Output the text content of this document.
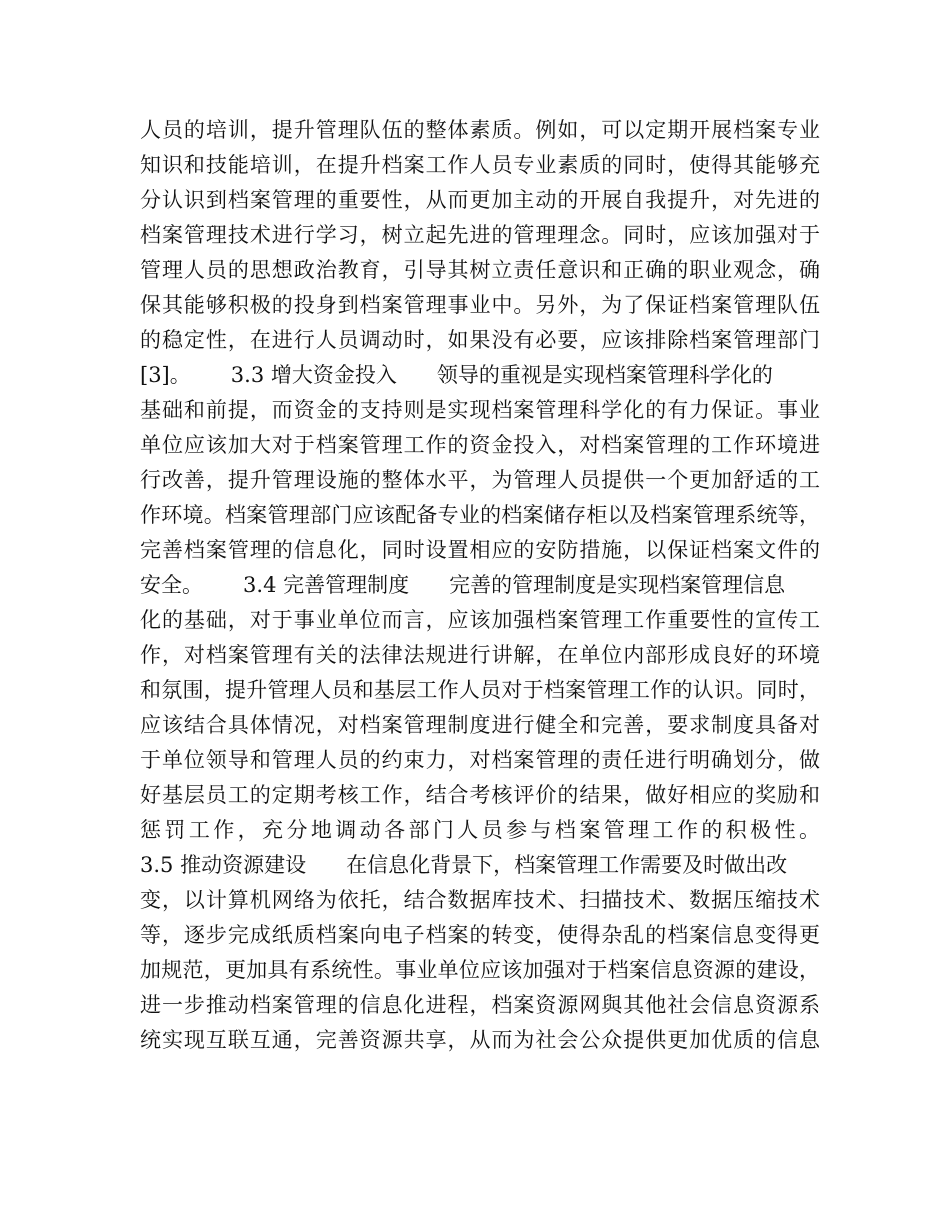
人员的培训，提升管理队伍的整体素质。例如，可以定期开展档案专业
知识和技能培训，在提升档案工作人员专业素质的同时，使得其能够充
分认识到档案管理的重要性，从而更加主动的开展自我提升，对先进的
档案管理技术进行学习，树立起先进的管理理念。同时，应该加强对于
管理人员的思想政治教育，引导其树立责任意识和正确的职业观念，确
保其能够积极的投身到档案管理事业中。另外，为了保证档案管理队伍
的稳定性，在进行人员调动时，如果没有必要，应该排除档案管理部门
[3]。      3.3 增大资金投入      领导的重视是实现档案管理科学化的
基础和前提，而资金的支持则是实现档案管理科学化的有力保证。事业
单位应该加大对于档案管理工作的资金投入，对档案管理的工作环境进
行改善，提升管理设施的整体水平，为管理人员提供一个更加舒适的工
作环境。档案管理部门应该配备专业的档案储存柜以及档案管理系统等，
完善档案管理的信息化，同时设置相应的安防措施，以保证档案文件的
安全。      3.4 完善管理制度      完善的管理制度是实现档案管理信息
化的基础，对于事业单位而言，应该加强档案管理工作重要性的宣传工
作，对档案管理有关的法律法规进行讲解，在单位内部形成良好的环境
和氛围，提升管理人员和基层工作人员对于档案管理工作的认识。同时，
应该结合具体情况，对档案管理制度进行健全和完善，要求制度具备对
于单位领导和管理人员的约束力，对档案管理的责任进行明确划分，做
好基层员工的定期考核工作，结合考核评价的结果，做好相应的奖励和
惩罚工作，充分地调动各部门人员参与档案管理工作的积极性。
3.5 推动资源建设      在信息化背景下，档案管理工作需要及时做出改
变，以计算机网络为依托，结合数据库技术、扫描技术、数据压缩技术
等，逐步完成纸质档案向电子档案的转变，使得杂乱的档案信息变得更
加规范，更加具有系统性。事业单位应该加强对于档案信息资源的建设，
进一步推动档案管理的信息化进程，档案资源网與其他社会信息资源系
统实现互联互通，完善资源共享，从而为社会公众提供更加优质的信息
